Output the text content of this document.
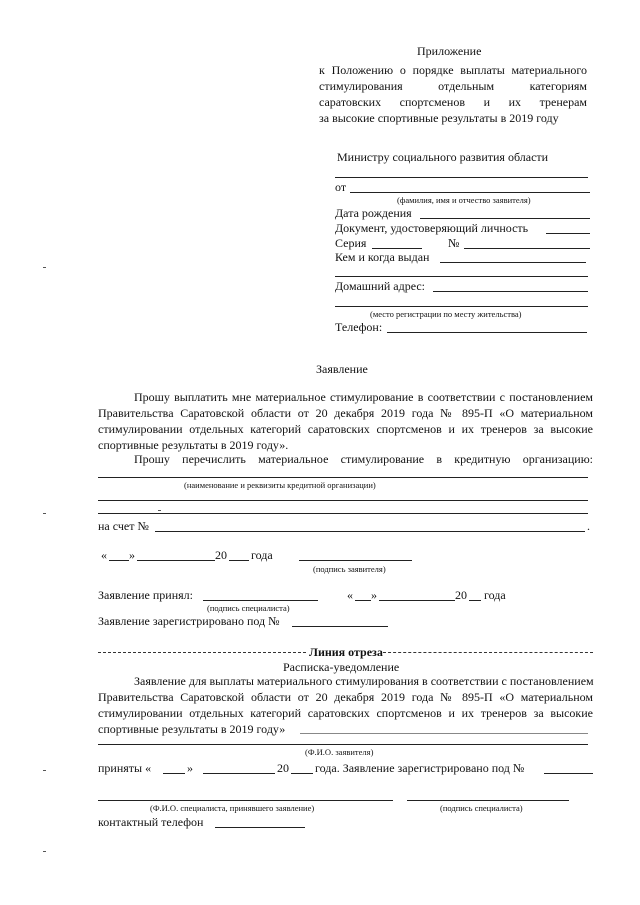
Приложение
к Положению о порядке выплаты материального
стимулирования отдельным категориям
саратовских спортсменов и их тренерам
за высокие спортивные результаты в 2019 году
Министру социального развития области
от
(фамилия, имя и отчество заявителя)
Дата рождения
Документ, удостоверяющий личность
Серия	№
Кем и когда выдан
Домашний адрес:
(место регистрации по месту жительства)
Телефон:
Заявление
Прошу выплатить мне материальное стимулирование в соответствии с постановлением
Правительства Саратовской области от 20 декабря 2019 года № 895-П «О материальном
стимулировании отдельных категорий саратовских спортсменов и их тренеров за высокие
спортивные результаты в 2019 году».
Прошу перечислить материальное стимулирование в кредитную организацию:
(наименование и реквизиты кредитной организации)
на счет №	.
« »	20 года
(подпись заявителя)
Заявление принял:
(подпись специалиста)
« »	20 года
Заявление зарегистрировано под №
Линия отреза
Расписка-уведомление
Заявление для выплаты материального стимулирования в соответствии с постановлением
Правительства Саратовской области от 20 декабря 2019 года № 895-П «О материальном
стимулировании отдельных категорий саратовских спортсменов и их тренеров за высокие
спортивные результаты в 2019 году»
(Ф.И.О. заявителя)
приняты «	»	20 года. Заявление зарегистрировано под №
(Ф.И.О. специалиста, принявшего заявление)	(подпись специалиста)
контактный телефон
